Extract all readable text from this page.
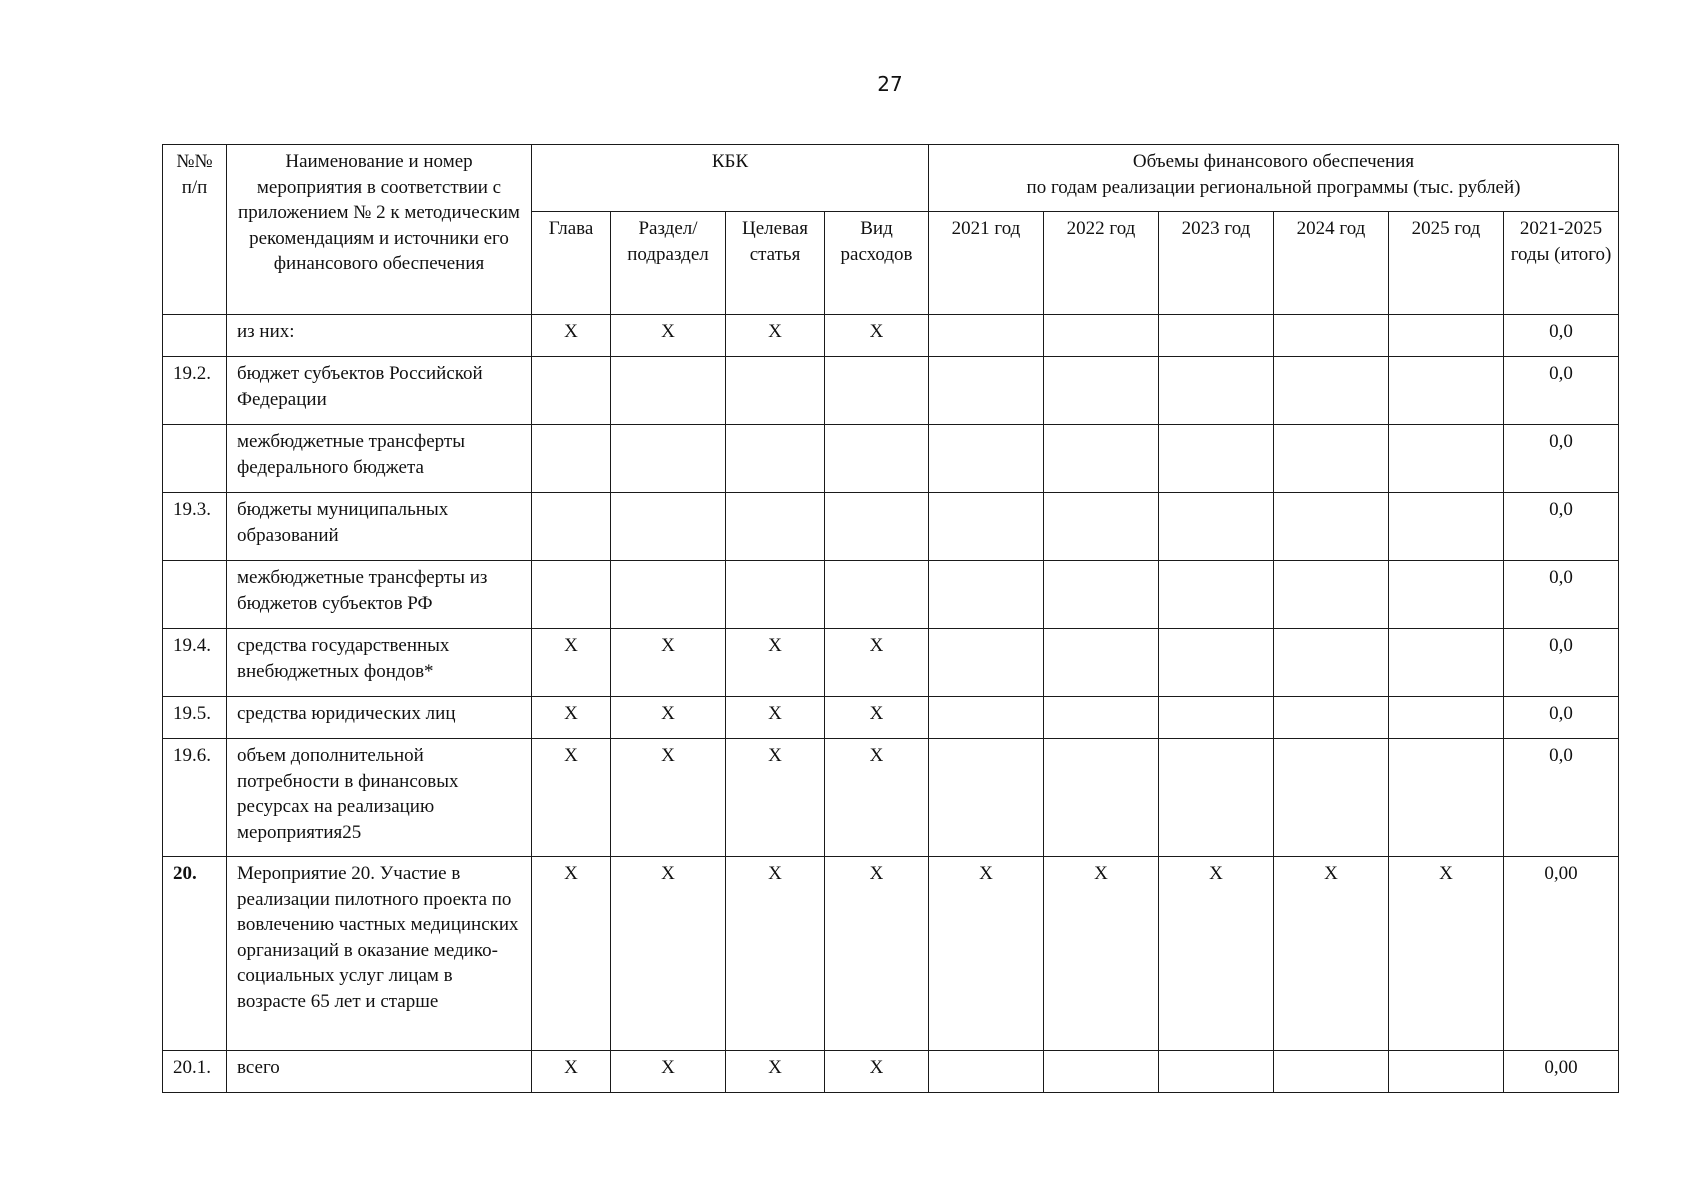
27
№№ п/п	Наименование и номер мероприятия в соответствии с приложением № 2 к методическим рекомендациям и источники его финансового обеспечения	КБК				Объемы финансового обеспечения
по годам реализации региональной программы (тыс. рублей)					

		Глава	Раздел/ подраздел	Целевая статья	Вид расходов	2021 год	2022 год	2023 год	2024 год	2025 год	2021-2025 годы (итого)
	из них:	X	X	X	X						0,0
19.2.	бюджет субъектов Российской Федерации										0,0
	межбюджетные трансферты федерального бюджета										0,0
19.3.	бюджеты муниципальных образований										0,0
	межбюджетные трансферты из бюджетов субъектов РФ										0,0
19.4.	средства государственных внебюджетных фондов*	X	X	X	X						0,0
19.5.	средства юридических лиц	X	X	X	X						0,0
19.6.	объем дополнительной потребности в финансовых ресурсах на реализацию мероприятия25	X	X	X	X						0,0
20.	Мероприятие 20. Участие в реализации пилотного проекта по вовлечению частных медицинских организаций в оказание медико-социальных услуг лицам в возрасте 65 лет и старше	X	X	X	X	X	X	X	X	X	0,00
20.1.	всего	X	X	X	X						0,00
